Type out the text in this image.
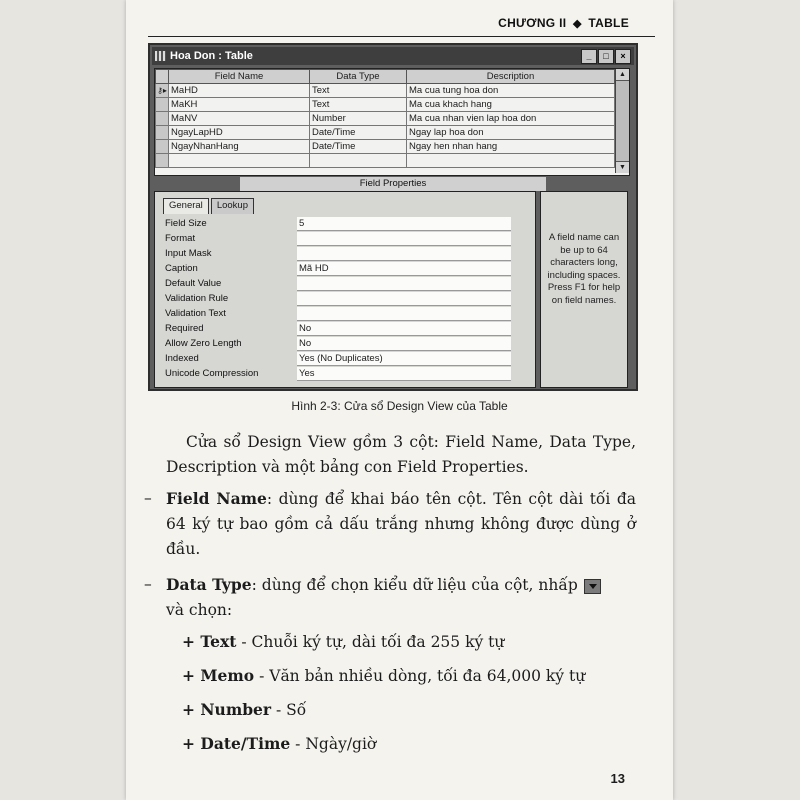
CHƯƠNG II ◆ TABLE
Hoa Don : Table	_	□	×
	Field Name	Data Type	Description
⚷▸	MaHD	Text	Ma cua tung hoa don
	MaKH	Text	Ma cua khach hang
	MaNV	Number	Ma cua nhan vien lap hoa don
	NgayLapHD	Date/Time	Ngay lap hoa don
	NgayNhanHang	Date/Time	Ngay hen nhan hang

▲
▼
Field Properties
General	Lookup
Field Size	5
Format
Input Mask
Caption	Mã HD
Default Value
Validation Rule
Validation Text
Required	No
Allow Zero Length	No
Indexed	Yes (No Duplicates)
Unicode Compression	Yes
A field name can be up to 64 characters long, including spaces. Press F1 for help on field names.
Hình 2-3: Cửa sổ Design View của Table
Cửa sổ Design View gồm 3 cột: Field Name, Data Type, Description và một bảng con Field Properties.
– Field Name: dùng để khai báo tên cột. Tên cột dài tối đa 64 ký tự bao gồm cả dấu trắng nhưng không được dùng ở đầu.
– Data Type: dùng để chọn kiểu dữ liệu của cột, nhấp
và chọn:
+ Text - Chuỗi ký tự, dài tối đa 255 ký tự
+ Memo - Văn bản nhiều dòng, tối đa 64,000 ký tự
+ Number - Số
+ Date/Time - Ngày/giờ
13
